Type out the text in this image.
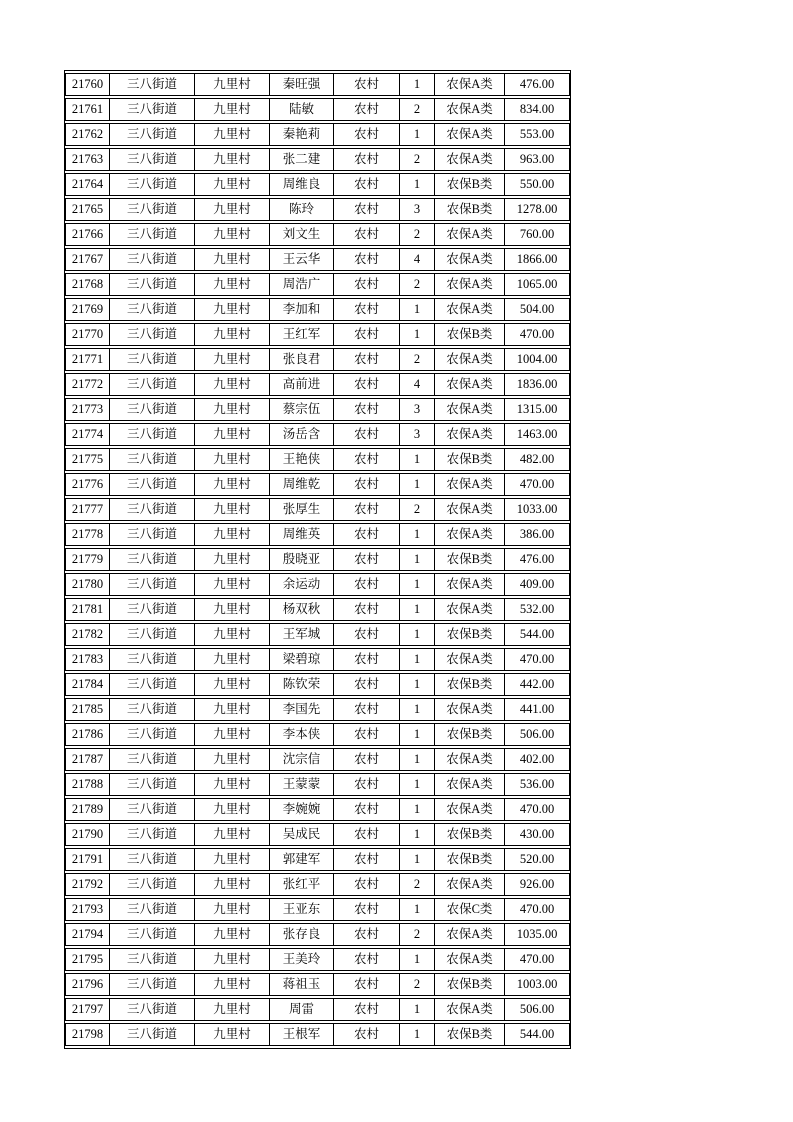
21760	三八街道	九里村	秦旺强	农村	1	农保A类	476.00
21761	三八街道	九里村	陆敏	农村	2	农保A类	834.00
21762	三八街道	九里村	秦艳莉	农村	1	农保A类	553.00
21763	三八街道	九里村	张二建	农村	2	农保A类	963.00
21764	三八街道	九里村	周维良	农村	1	农保B类	550.00
21765	三八街道	九里村	陈玲	农村	3	农保B类	1278.00
21766	三八街道	九里村	刘文生	农村	2	农保A类	760.00
21767	三八街道	九里村	王云华	农村	4	农保A类	1866.00
21768	三八街道	九里村	周浩广	农村	2	农保A类	1065.00
21769	三八街道	九里村	李加和	农村	1	农保A类	504.00
21770	三八街道	九里村	王红军	农村	1	农保B类	470.00
21771	三八街道	九里村	张良君	农村	2	农保A类	1004.00
21772	三八街道	九里村	高前进	农村	4	农保A类	1836.00
21773	三八街道	九里村	蔡宗伍	农村	3	农保A类	1315.00
21774	三八街道	九里村	汤岳含	农村	3	农保A类	1463.00
21775	三八街道	九里村	王艳侠	农村	1	农保B类	482.00
21776	三八街道	九里村	周维乾	农村	1	农保A类	470.00
21777	三八街道	九里村	张厚生	农村	2	农保A类	1033.00
21778	三八街道	九里村	周维英	农村	1	农保A类	386.00
21779	三八街道	九里村	殷晓亚	农村	1	农保B类	476.00
21780	三八街道	九里村	余运动	农村	1	农保A类	409.00
21781	三八街道	九里村	杨双秋	农村	1	农保A类	532.00
21782	三八街道	九里村	王军城	农村	1	农保B类	544.00
21783	三八街道	九里村	梁碧琼	农村	1	农保A类	470.00
21784	三八街道	九里村	陈钦荣	农村	1	农保B类	442.00
21785	三八街道	九里村	李国先	农村	1	农保A类	441.00
21786	三八街道	九里村	李本侠	农村	1	农保B类	506.00
21787	三八街道	九里村	沈宗信	农村	1	农保A类	402.00
21788	三八街道	九里村	王蒙蒙	农村	1	农保A类	536.00
21789	三八街道	九里村	李婉婉	农村	1	农保A类	470.00
21790	三八街道	九里村	吴成民	农村	1	农保B类	430.00
21791	三八街道	九里村	郭建军	农村	1	农保B类	520.00
21792	三八街道	九里村	张红平	农村	2	农保A类	926.00
21793	三八街道	九里村	王亚东	农村	1	农保C类	470.00
21794	三八街道	九里村	张存良	农村	2	农保A类	1035.00
21795	三八街道	九里村	王美玲	农村	1	农保A类	470.00
21796	三八街道	九里村	蒋祖玉	农村	2	农保B类	1003.00
21797	三八街道	九里村	周雷	农村	1	农保A类	506.00
21798	三八街道	九里村	王根军	农村	1	农保B类	544.00
